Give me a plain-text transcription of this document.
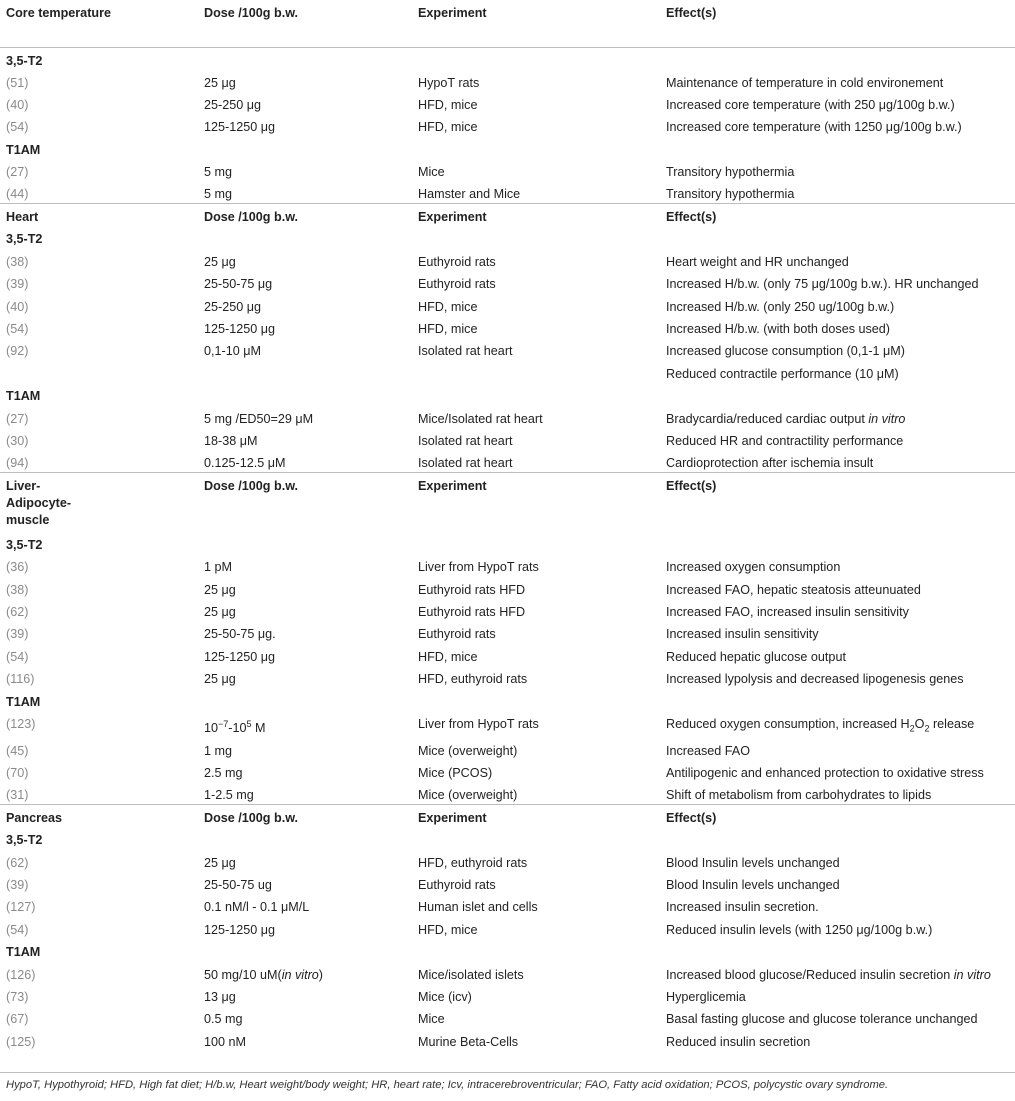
Core temperature	Dose /100g b.w.	Experiment	Effect(s)
3,5-T2			
(51)	25 μg	HypoT rats	Maintenance of temperature in cold environement
(40)	25-250 μg	HFD, mice	Increased core temperature (with 250 μg/100g b.w.)
(54)	125-1250 μg	HFD, mice	Increased core temperature (with 1250 μg/100g b.w.)
T1AM			
(27)	5 mg	Mice	Transitory hypothermia
(44)	5 mg	Hamster and Mice	Transitory hypothermia
Heart	Dose /100g b.w.	Experiment	Effect(s)
3,5-T2			
(38)	25 μg	Euthyroid rats	Heart weight and HR unchanged
(39)	25-50-75 μg	Euthyroid rats	Increased H/b.w. (only 75 μg/100g b.w.). HR unchanged
(40)	25-250 μg	HFD, mice	Increased H/b.w. (only 250 ug/100g b.w.)
(54)	125-1250 μg	HFD, mice	Increased H/b.w. (with both doses used)
(92)	0,1-10 μM	Isolated rat heart	Increased glucose consumption (0,1-1 μM)
			Reduced contractile performance (10 μM)
T1AM			
(27)	5 mg /ED50=29 μM	Mice/Isolated rat heart	Bradycardia/reduced cardiac output in vitro
(30)	18-38 μM	Isolated rat heart	Reduced HR and contractility performance
(94)	0.125-12.5 μM	Isolated rat heart	Cardioprotection after ischemia insult

Liver-
Adipocyte-
muscle	Dose /100g b.w.	Experiment	Effect(s)
3,5-T2			
(36)	1 pM	Liver from HypoT rats	Increased oxygen consumption
(38)	25 μg	Euthyroid rats HFD	Increased FAO, hepatic steatosis atteunuated
(62)	25 μg	Euthyroid rats HFD	Increased FAO, increased insulin sensitivity
(39)	25-50-75 μg.	Euthyroid rats	Increased insulin sensitivity
(54)	125-1250 μg	HFD, mice	Reduced hepatic glucose output
(116)	25 μg	HFD, euthyroid rats	Increased lypolysis and decreased lipogenesis genes
T1AM			
(123)	$10^{-7}-10^5$ M	Liver from HypoT rats	Reduced oxygen consumption, increased $H_2O_2$ release
(45)	1 mg	Mice (overweight)	Increased FAO
(70)	2.5 mg	Mice (PCOS)	Antilipogenic and enhanced protection to oxidative stress
(31)	1-2.5 mg	Mice (overweight)	Shift of metabolism from carbohydrates to lipids
Pancreas	Dose /100g b.w.	Experiment	Effect(s)
3,5-T2			
(62)	25 μg	HFD, euthyroid rats	Blood Insulin levels unchanged
(39)	25-50-75 ug	Euthyroid rats	Blood Insulin levels unchanged
(127)	0.1 nM/l - 0.1 μM/L	Human islet and cells	Increased insulin secretion.
(54)	125-1250 μg	HFD, mice	Reduced insulin levels (with 1250 μg/100g b.w.)
T1AM			
(126)	50 mg/10 uM(in vitro)	Mice/isolated islets	Increased blood glucose/Reduced insulin secretion in vitro
(73)	13 μg	Mice (icv)	Hyperglicemia
(67)	0.5 mg	Mice	Basal fasting glucose and glucose tolerance unchanged
(125)	100 nM	Murine Beta-Cells	Reduced insulin secretion
HypoT, Hypothyroid; HFD, High fat diet; H/b.w, Heart weight/body weight; HR, heart rate; Icv, intracerebroventricular; FAO, Fatty acid oxidation; PCOS, polycystic ovary syndrome.
